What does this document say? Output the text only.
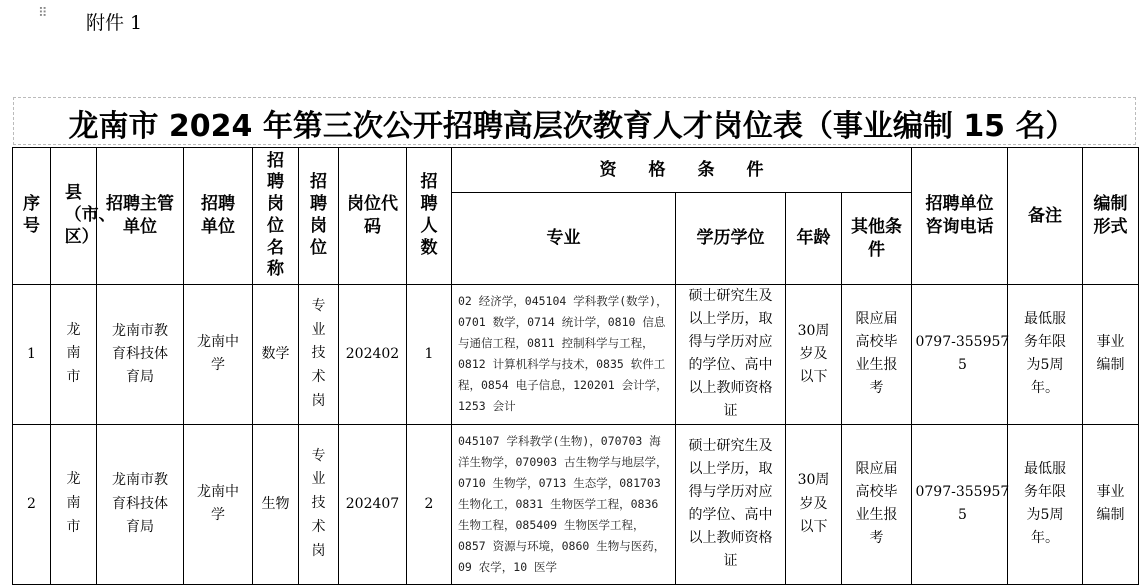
⠿ 附件 1
龙南市 2024 年第三次公开招聘高层次教育人才岗位表（事业编制 15 名）
序号	县（市、区）	招聘主管单位	招聘单位	招聘岗位名称	招聘岗位	岗位代码	招聘人数	资格条件				招聘单位咨询电话	备注	编制形式
								专业	学历学位	年龄	其他条件			
1	龙南市	龙南市教育科技体育局	龙南中学	数学	专业技术岗	202402	1	02 经济学，045104 学科教学(数学)，0701 数学，0714 统计学，0810 信息与通信工程，0811 控制科学与工程，0812 计算机科学与技术，0835 软件工程，0854 电子信息，120201 会计学，1253 会计	硕士研究生及以上学历，取得与学历对应的学位、高中以上教师资格证	30周岁及以下	限应届高校毕业生报考	0797-3559575	最低服务年限为5周年。	事业编制
2	龙南市	龙南市教育科技体育局	龙南中学	生物	专业技术岗	202407	2	045107 学科教学(生物)，070703 海洋生物学，070903 古生物学与地层学，0710 生物学，0713 生态学，081703 生物化工，0831 生物医学工程，0836 生物工程，085409 生物医学工程，0857 资源与环境，0860 生物与医药，09 农学，10 医学	硕士研究生及以上学历，取得与学历对应的学位、高中以上教师资格证	30周岁及以下	限应届高校毕业生报考	0797-3559575	最低服务年限为5周年。	事业编制
